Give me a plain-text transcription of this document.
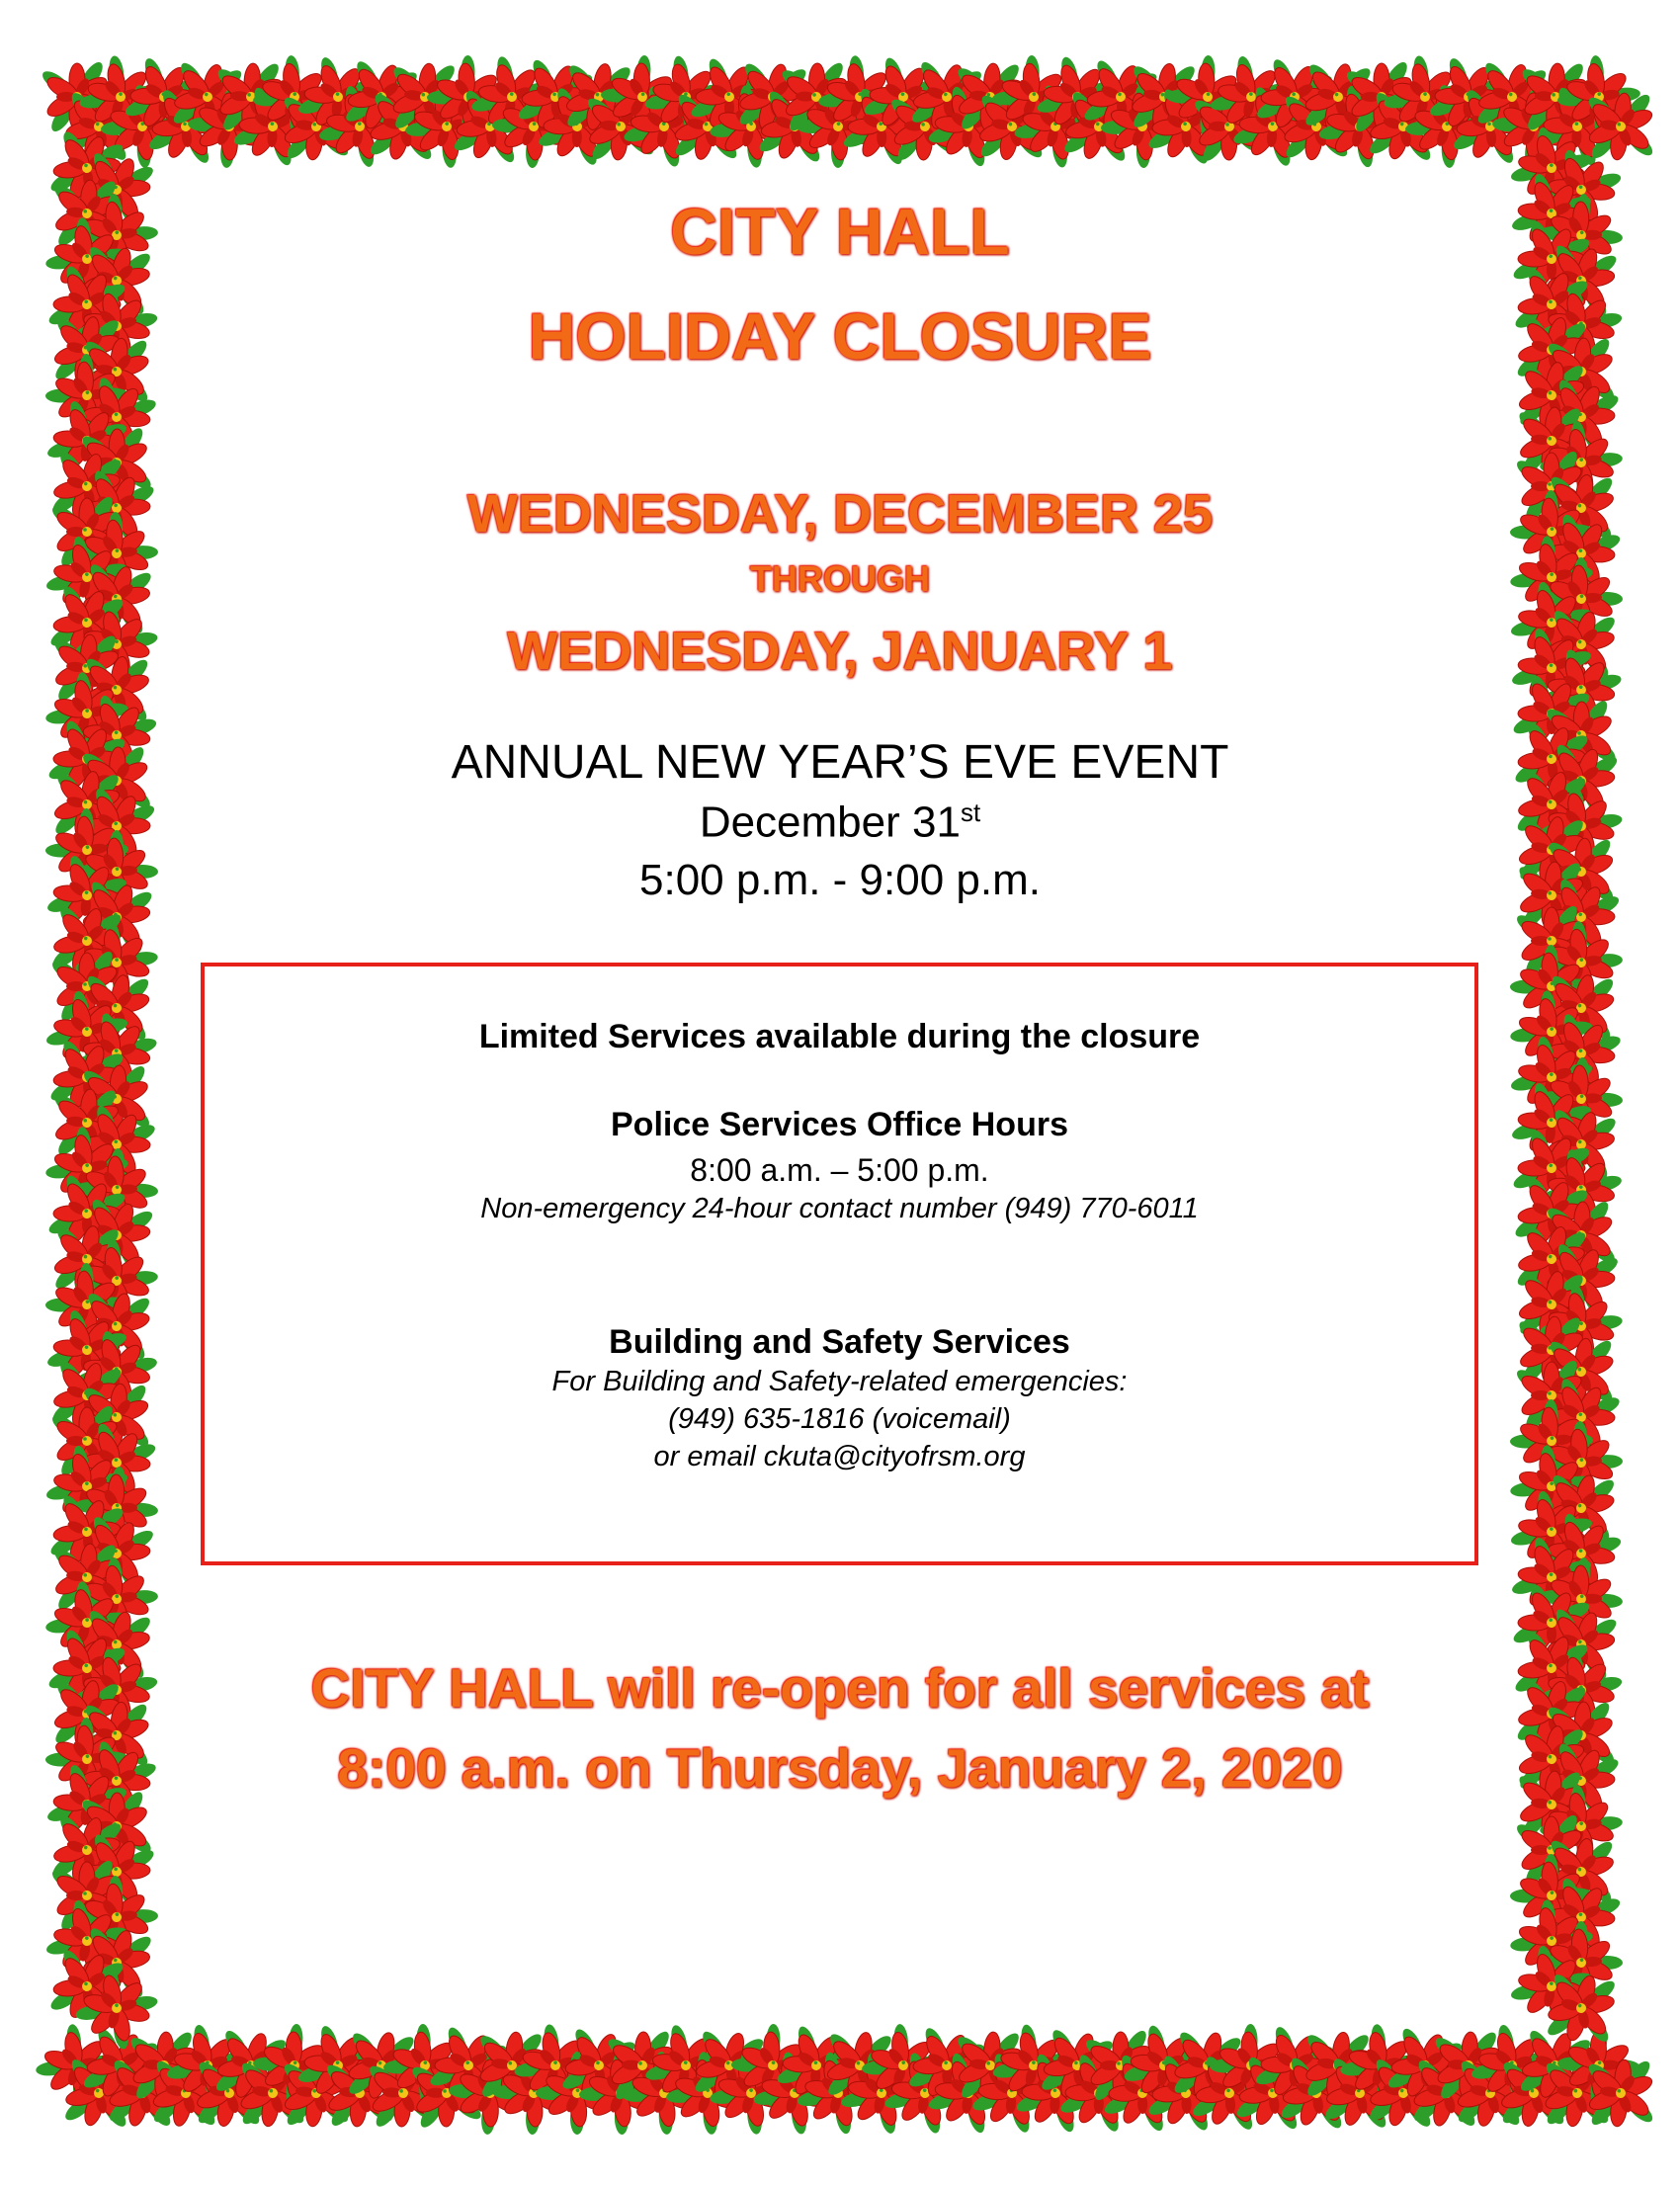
CITY HALL
HOLIDAY CLOSURE
WEDNESDAY, DECEMBER 25
THROUGH
WEDNESDAY, JANUARY 1
ANNUAL NEW YEAR’S EVE EVENT
December 31st
5:00 p.m. - 9:00 p.m.
Limited Services available during the closure
Police Services Office Hours
8:00 a.m. – 5:00 p.m.
Non-emergency 24-hour contact number (949) 770-6011
Building and Safety Services
For Building and Safety-related emergencies:
(949) 635-1816 (voicemail)
or email ckuta@cityofrsm.org
CITY HALL will re-open for all services at
8:00 a.m. on Thursday, January 2, 2020
